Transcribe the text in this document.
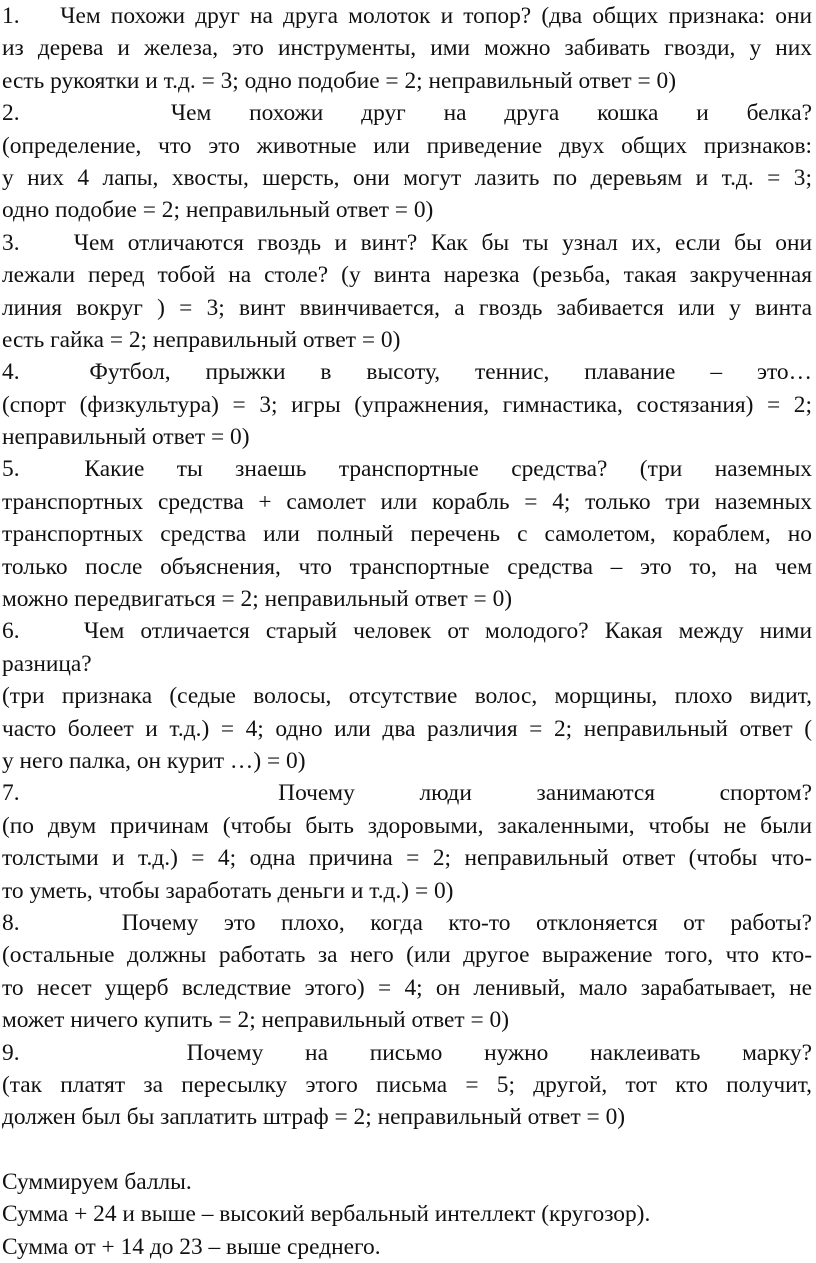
1.    Чем похожи друг на друга молоток и топор? (два общих признака: они
из дерева и железа, это инструменты, ими можно забивать гвозди, у них
есть рукоятки и т.д. = 3; одно подобие = 2; неправильный ответ = 0)
2.    Чем похожи друг на друга кошка и белка?
(определение, что это животные или приведение двух общих признаков:
у них 4 лапы, хвосты, шерсть, они могут лазить по деревьям и т.д. = 3;
одно подобие = 2; неправильный ответ = 0)
3.    Чем отличаются гвоздь и винт? Как бы ты узнал их, если бы они
лежали перед тобой на столе? (у винта нарезка (резьба, такая закрученная
линия вокруг ) = 3; винт ввинчивается, а гвоздь забивается или у винта
есть гайка = 2; неправильный ответ = 0)
4.  Футбол, прыжки в высоту, теннис, плавание – это…
(спорт (физкультура) = 3; игры (упражнения, гимнастика, состязания) = 2;
неправильный ответ = 0)
5.  Какие ты знаешь транспортные средства? (три наземных
транспортных средства + самолет или корабль = 4; только три наземных
транспортных средства или полный перечень с самолетом, кораблем, но
только после объяснения, что транспортные средства – это то, на чем
можно передвигаться = 2; неправильный ответ = 0)
6.    Чем отличается старый человек от молодого? Какая между ними
разница?
(три признака (седые волосы, отсутствие волос, морщины, плохо видит,
часто болеет и т.д.) = 4; одно или два различия = 2; неправильный ответ (
у него палка, он курит …) = 0)
7.    Почему люди занимаются спортом?
(по двум причинам (чтобы быть здоровыми, закаленными, чтобы не были
толстыми и т.д.) = 4; одна причина = 2; неправильный ответ (чтобы что-
то уметь, чтобы заработать деньги и т.д.) = 0)
8.    Почему это плохо, когда кто-то отклоняется от работы?
(остальные должны работать за него (или другое выражение того, что кто-
то несет ущерб вследствие этого) = 4; он ленивый, мало зарабатывает, не
может ничего купить = 2; неправильный ответ = 0)
9.    Почему на письмо нужно наклеивать марку?
(так платят за пересылку этого письма = 5; другой, тот кто получит,
должен был бы заплатить штраф = 2; неправильный ответ = 0)
Суммируем баллы.
Сумма + 24 и выше – высокий вербальный интеллект (кругозор).
Сумма от + 14 до 23 – выше среднего.
